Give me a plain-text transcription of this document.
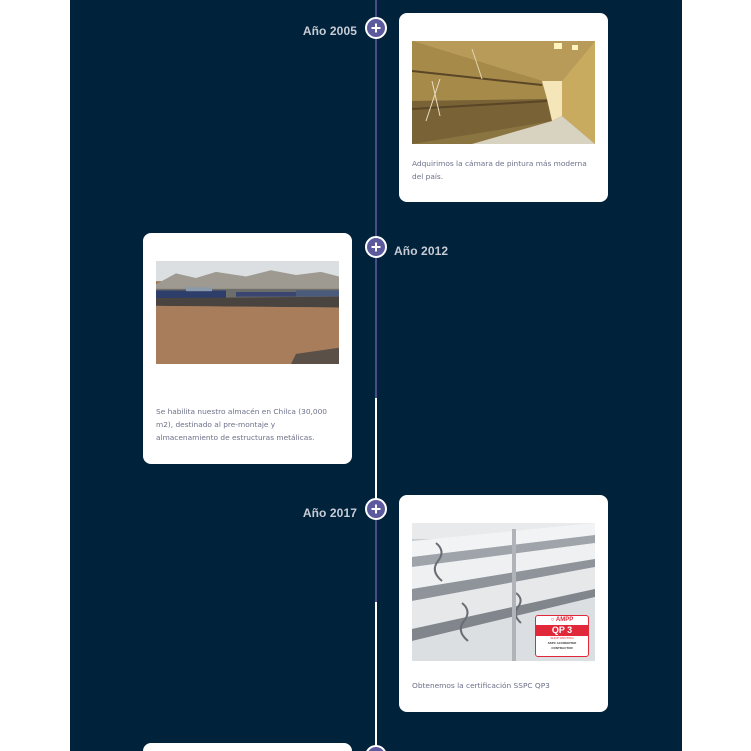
Año 2005
Adquirimos la cámara de pintura más moderna del país.
Se habilita nuestro almacén en Chilca (30,000 m2), destinado al pre-montaje y almacenamiento de estructuras metálicas.
Año 2012
Año 2017
○ AMPP
QP 3
SHOP PAINTING
SSPC ACCREDITED
CONTRACTOR
Obtenemos la certificación SSPC QP3
